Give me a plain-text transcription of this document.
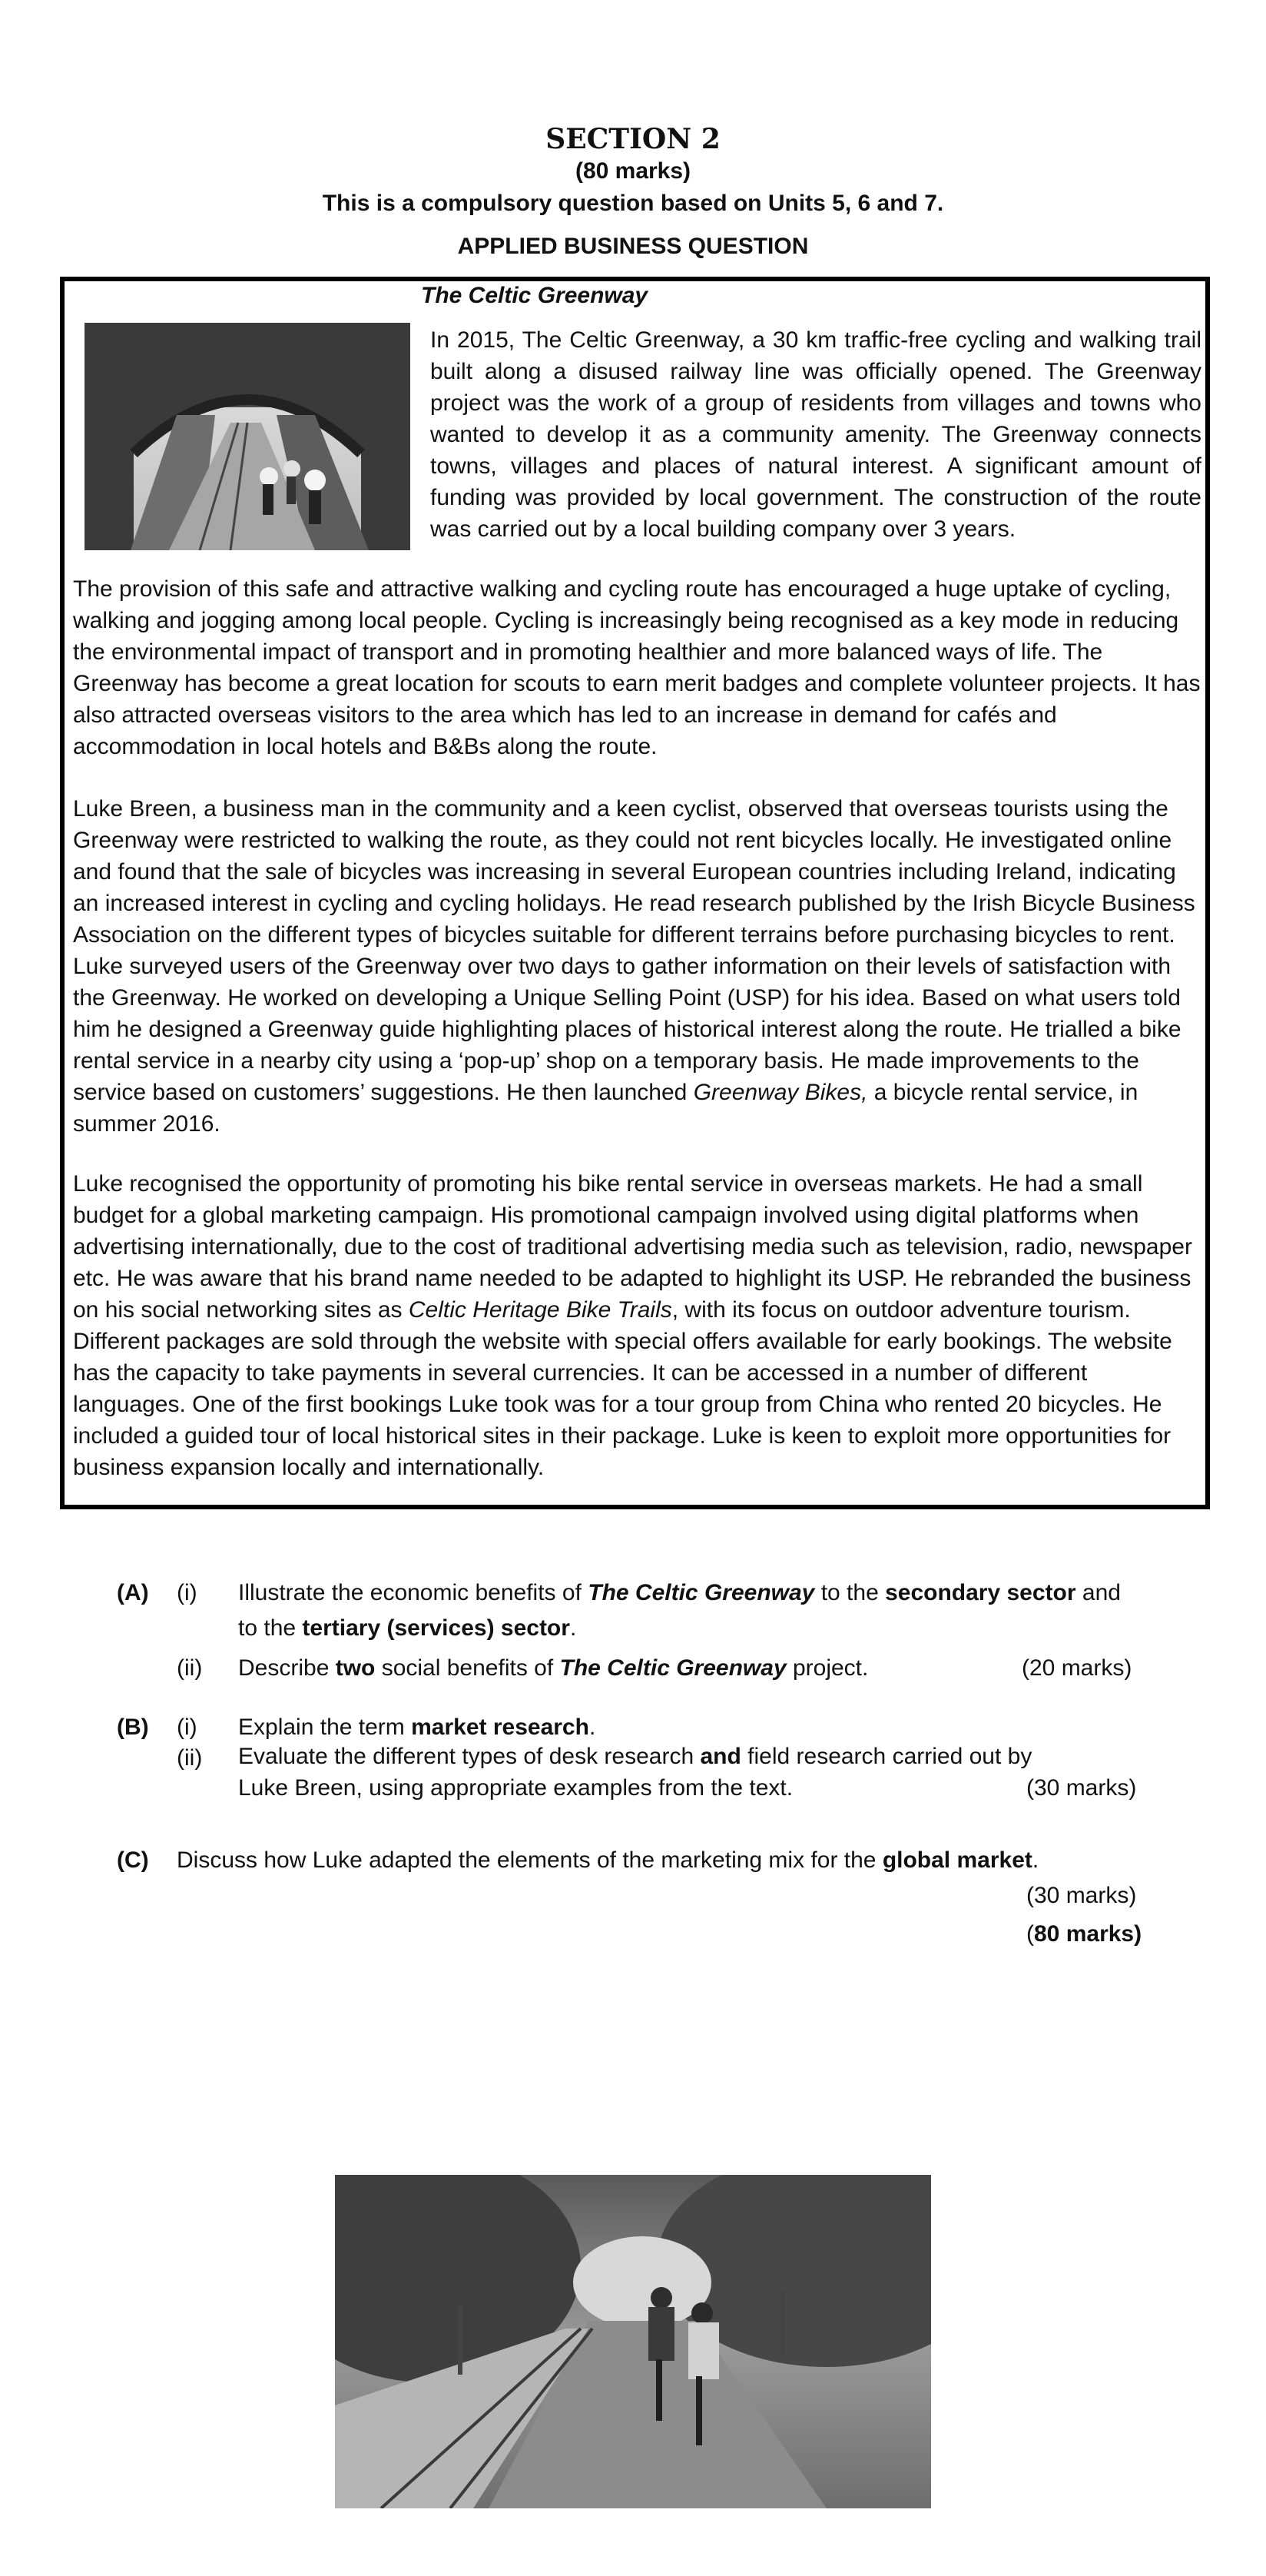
SECTION 2
(80 marks)
This is a compulsory question based on Units 5, 6 and 7.
APPLIED BUSINESS QUESTION
The Celtic Greenway
In 2015, The Celtic Greenway, a 30 km traffic-free cycling and walking trail built along a disused railway line was officially opened. The Greenway project was the work of a group of residents from villages and towns who wanted to develop it as a community amenity. The Greenway connects towns, villages and places of natural interest. A significant amount of funding was provided by local government. The construction of the route was carried out by a local building company over 3 years.
The provision of this safe and attractive walking and cycling route has encouraged a huge uptake of cycling, walking and jogging among local people. Cycling is increasingly being recognised as a key mode in reducing the environmental impact of transport and in promoting healthier and more balanced ways of life. The Greenway has become a great location for scouts to earn merit badges and complete volunteer projects. It has also attracted overseas visitors to the area which has led to an increase in demand for cafés and accommodation in local hotels and B&Bs along the route.
Luke Breen, a business man in the community and a keen cyclist, observed that overseas tourists using the Greenway were restricted to walking the route, as they could not rent bicycles locally. He investigated online and found that the sale of bicycles was increasing in several European countries including Ireland, indicating an increased interest in cycling and cycling holidays. He read research published by the Irish Bicycle Business Association on the different types of bicycles suitable for different terrains before purchasing bicycles to rent. Luke surveyed users of the Greenway over two days to gather information on their levels of satisfaction with the Greenway. He worked on developing a Unique Selling Point (USP) for his idea. Based on what users told him he designed a Greenway guide highlighting places of historical interest along the route. He trialled a bike rental service in a nearby city using a ‘pop-up’ shop on a temporary basis. He made improvements to the service based on customers’ suggestions. He then launched Greenway Bikes, a bicycle rental service, in summer 2016.
Luke recognised the opportunity of promoting his bike rental service in overseas markets. He had a small budget for a global marketing campaign. His promotional campaign involved using digital platforms when advertising internationally, due to the cost of traditional advertising media such as television, radio, newspaper etc. He was aware that his brand name needed to be adapted to highlight its USP. He rebranded the business on his social networking sites as Celtic Heritage Bike Trails, with its focus on outdoor adventure tourism. Different packages are sold through the website with special offers available for early bookings. The website has the capacity to take payments in several currencies. It can be accessed in a number of different languages. One of the first bookings Luke took was for a tour group from China who rented 20 bicycles. He included a guided tour of local historical sites in their package. Luke is keen to exploit more opportunities for business expansion locally and internationally.
(A) (i) Illustrate the economic benefits of The Celtic Greenway to the secondary sector and
to the tertiary (services) sector.
(ii) Describe two social benefits of The Celtic Greenway project.	(20 marks)
(B) (i) Explain the term market research.
(ii) Evaluate the different types of desk research and field research carried out by
Luke Breen, using appropriate examples from the text.	(30 marks)
(C) Discuss how Luke adapted the elements of the marketing mix for the global market.
(30 marks)
(80 marks)
